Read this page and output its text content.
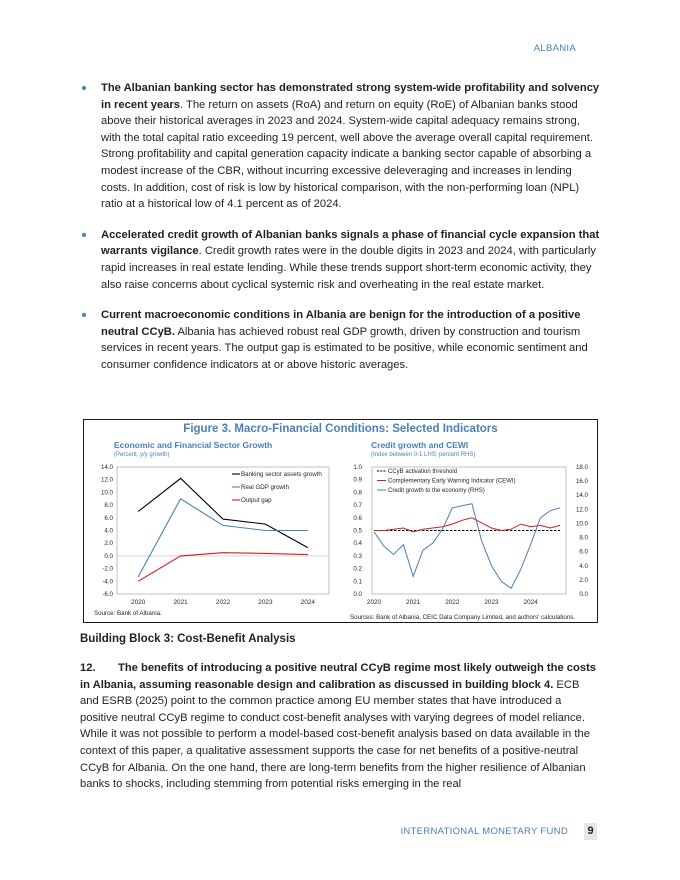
ALBANIA
The Albanian banking sector has demonstrated strong system-wide profitability and solvency in recent years. The return on assets (RoA) and return on equity (RoE) of Albanian banks stood above their historical averages in 2023 and 2024. System-wide capital adequacy remains strong, with the total capital ratio exceeding 19 percent, well above the average overall capital requirement. Strong profitability and capital generation capacity indicate a banking sector capable of absorbing a modest increase of the CBR, without incurring excessive deleveraging and increases in lending costs. In addition, cost of risk is low by historical comparison, with the non-performing loan (NPL) ratio at a historical low of 4.1 percent as of 2024.
Accelerated credit growth of Albanian banks signals a phase of financial cycle expansion that warrants vigilance. Credit growth rates were in the double digits in 2023 and 2024, with particularly rapid increases in real estate lending. While these trends support short-term economic activity, they also raise concerns about cyclical systemic risk and overheating in the real estate market.
Current macroeconomic conditions in Albania are benign for the introduction of a positive neutral CCyB. Albania has achieved robust real GDP growth, driven by construction and tourism services in recent years. The output gap is estimated to be positive, while economic sentiment and consumer confidence indicators at or above historic averages.
Figure 3. Macro-Financial Conditions: Selected Indicators
Economic and Financial Sector Growth
(Percent, y/y growth)
Credit growth and CEWI
(Index between 0-1 LHS; percent RHS)
14.0
12.0
10.0
8.0
6.0
4.0
2.0
0.0
-2.0
-4.0
-6.0
2020	2021	2022	2023	2024
Banking sector assets growth
Real GDP growth
Output gap
1.0
0.9
0.8
0.7
0.6
0.5
0.4
0.3
0.2
0.1
0.0
18.0
16.0
14.0
12.0
10.0
8.0
6.0
4.0
2.0
0.0
2020	2021	2022	2023	2024
CCyB activation threshold
Complementary Early Warning Indicator (CEWI)
Credit growth to the economy (RHS)
Source: Bank of Albania.
Sources: Bank of Albania, CEIC Data Company Limited, and authors' calculations.
Building Block 3: Cost-Benefit Analysis
12. The benefits of introducing a positive neutral CCyB regime most likely outweigh the costs in Albania, assuming reasonable design and calibration as discussed in building block 4. ECB and ESRB (2025) point to the common practice among EU member states that have introduced a positive neutral CCyB regime to conduct cost-benefit analyses with varying degrees of model reliance. While it was not possible to perform a model-based cost-benefit analysis based on data available in the context of this paper, a qualitative assessment supports the case for net benefits of a positive-neutral CCyB for Albania. On the one hand, there are long-term benefits from the higher resilience of Albanian banks to shocks, including stemming from potential risks emerging in the real
INTERNATIONAL MONETARY FUND	9
